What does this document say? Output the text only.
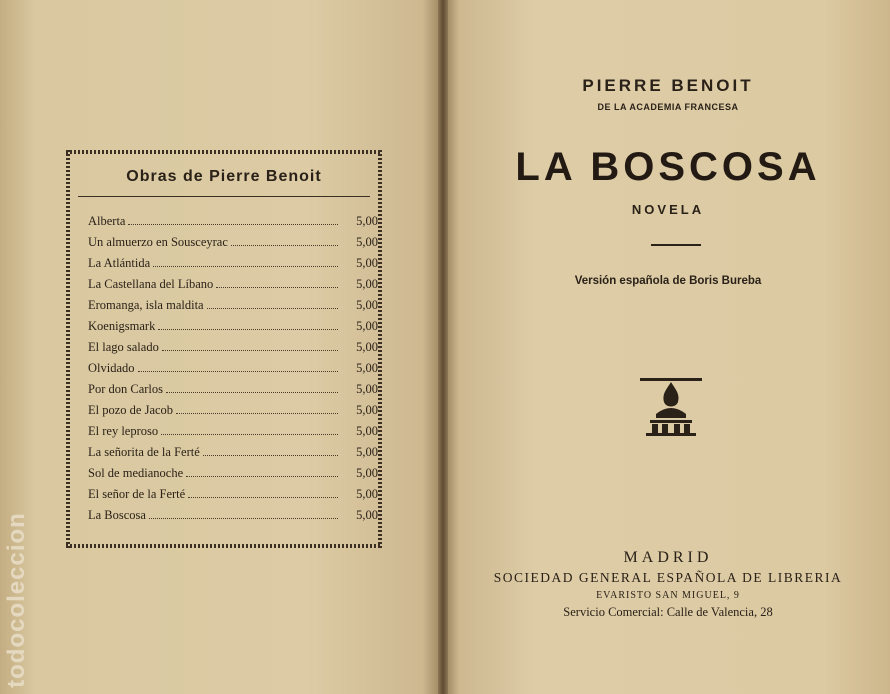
todocoleccion
Obras de Pierre Benoit
Alberta	5,00
Un almuerzo en Sousceyrac	5,00
La Atlántida	5,00
La Castellana del Líbano	5,00
Eromanga, isla maldita	5,00
Koenigsmark	5,00
El lago salado	5,00
Olvidado	5,00
Por don Carlos	5,00
El pozo de Jacob	5,00
El rey leproso	5,00
La señorita de la Ferté	5,00
Sol de medianoche	5,00
El señor de la Ferté	5,00
La Boscosa	5,00
PIERRE BENOIT
DE LA ACADEMIA FRANCESA
LA BOSCOSA
NOVELA
Versión española de Boris Bureba
MADRID
SOCIEDAD GENERAL ESPAÑOLA DE LIBRERIA
EVARISTO SAN MIGUEL, 9
Servicio Comercial: Calle de Valencia, 28
